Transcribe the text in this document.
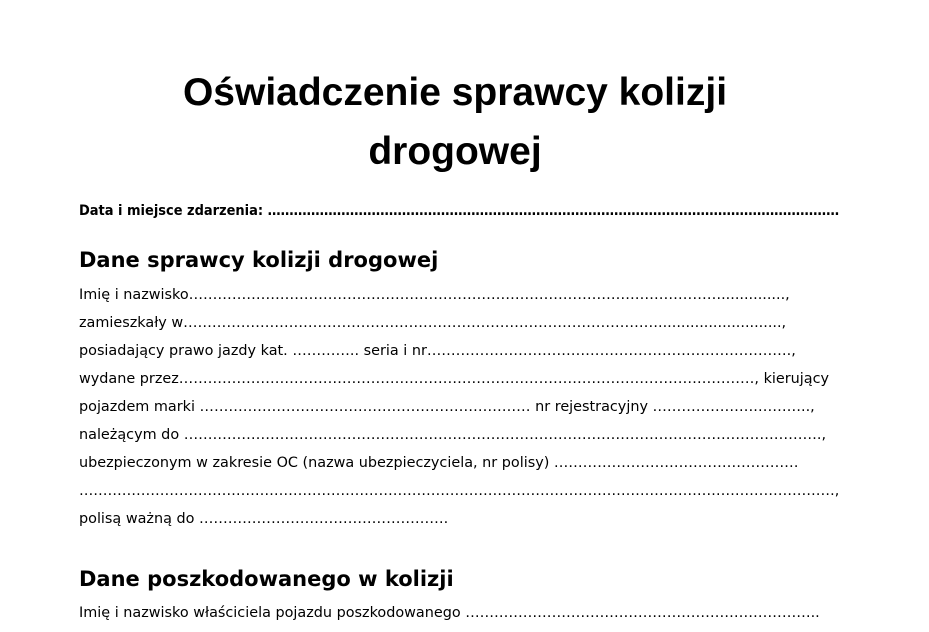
Oświadczenie sprawcy kolizji
drogowej
Data i miejsce zdarzenia: ……………………………………………………………………………………………………………………
Dane sprawcy kolizji drogowej
Imię i nazwisko…………………………………………………………………………………………………..............,
zamieszkały w………………………………………………………………………………………...........................,
posiadający prawo jazdy kat. ………….. seria i nr………………………………………………………………….,
wydane przez…………………………………………………………………………………………………………, kierujący
pojazdem marki …………………………………………………………… nr rejestracyjny ………………….………..,
należącym do …………………………………………………………………………………………………………………….,
ubezpieczonym w zakresie OC (nazwa ubezpieczyciela, nr polisy) ……………………………………………
……………………………………………………………………………………………………………………………………………,
polisą ważną do …………………………………………….
Dane poszkodowanego w kolizji
Imię i nazwisko właściciela pojazdu poszkodowanego ………………………………………………………………..
